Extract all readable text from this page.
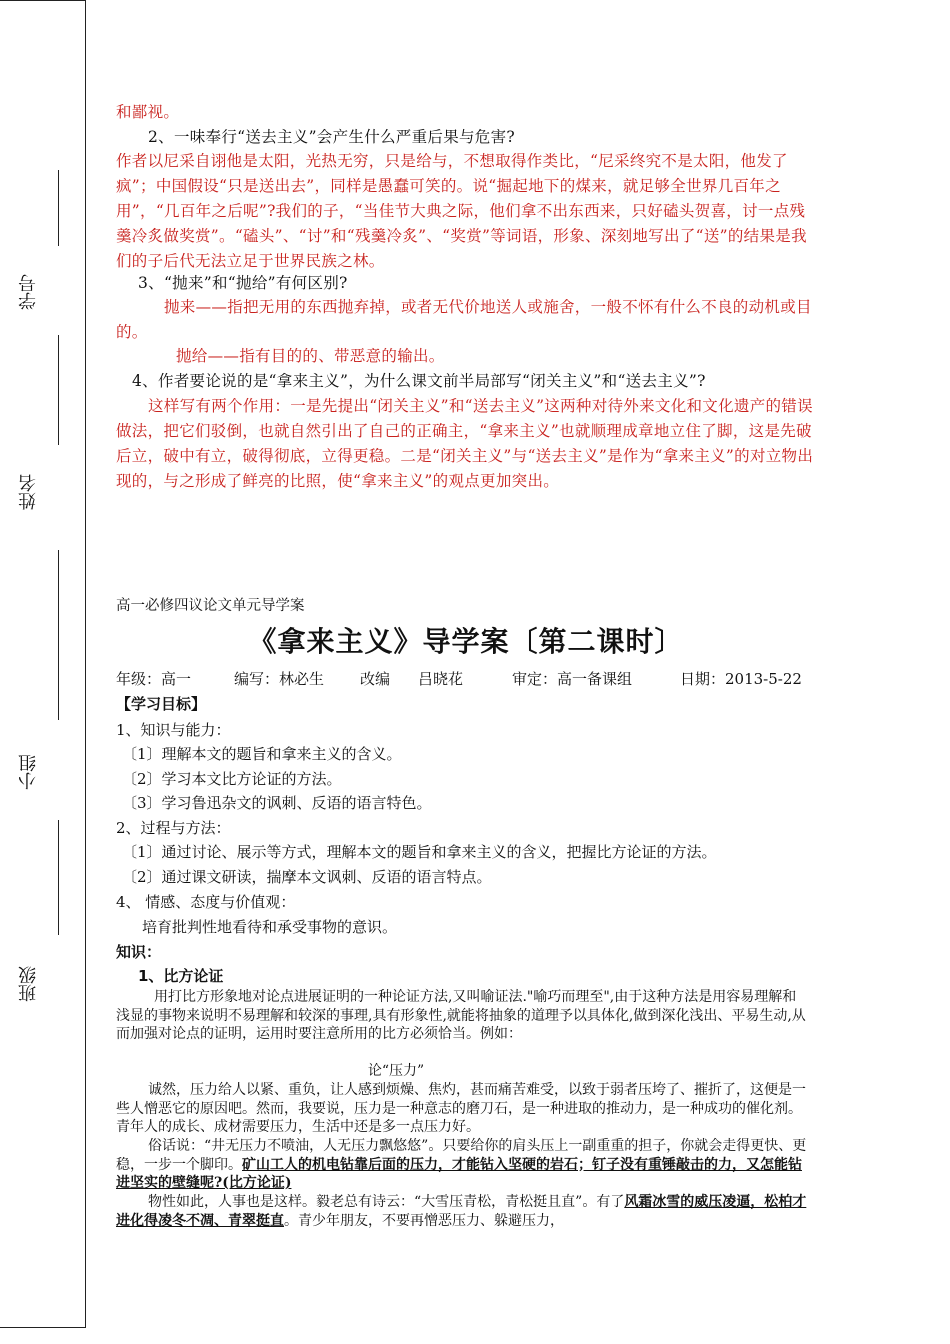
学号
姓名
小组
班级
和鄙视。
2、一味奉行“送去主义”会产生什么严重后果与危害?
作者以尼采自诩他是太阳，光热无穷，只是给与，不想取得作类比，“尼采终究不是太阳，他发了疯”；中国假设“只是送出去”，同样是愚蠢可笑的。说“掘起地下的煤来，就足够全世界几百年之用”，“几百年之后呢”?我们的子，“当佳节大典之际，他们拿不出东西来，只好磕头贺喜，讨一点残羹冷炙做奖赏”。“磕头”、“讨”和“残羹冷炙”、“奖赏”等词语，形象、深刻地写出了“送”的结果是我们的子后代无法立足于世界民族之林。
3、“抛来”和“抛给”有何区别?
抛来——指把无用的东西抛弃掉，或者无代价地送人或施舍，一般不怀有什么不良的动机或目的。
抛给——指有目的的、带恶意的输出。
4、作者要论说的是“拿来主义”，为什么课文前半局部写“闭关主义”和“送去主义”?
这样写有两个作用：一是先提出“闭关主义”和“送去主义”这两种对待外来文化和文化遗产的错误做法，把它们驳倒，也就自然引出了自己的正确主，“拿来主义”也就顺理成章地立住了脚，这是先破后立，破中有立，破得彻底，立得更稳。二是“闭关主义”与“送去主义”是作为“拿来主义”的对立物出现的，与之形成了鲜亮的比照，使“拿来主义”的观点更加突出。
高一必修四议论文单元导学案
《拿来主义》导学案〔第二课时〕
年级：高一	编写：林必生 改编 吕晓花	审定：高一备课组	日期：2013-5-22
【学习目标】
1、知识与能力：
〔1〕理解本文的题旨和拿来主义的含义。
〔2〕学习本文比方论证的方法。
〔3〕学习鲁迅杂文的讽刺、反语的语言特色。
2、过程与方法：
〔1〕通过讨论、展示等方式，理解本文的题旨和拿来主义的含义，把握比方论证的方法。
〔2〕通过课文研读，揣摩本文讽刺、反语的语言特点。
4、 情感、态度与价值观：
培育批判性地看待和承受事物的意识。
知识：
1、比方论证
用打比方形象地对论点进展证明的一种论证方法,又叫喻证法."喻巧而理至",由于这种方法是用容易理解和浅显的事物来说明不易理解和较深的事理,具有形象性,就能将抽象的道理予以具体化,做到深化浅出、平易生动,从而加强对论点的证明，运用时要注意所用的比方必须恰当。例如：
论“压力”
诚然，压力给人以紧、重负，让人感到烦燥、焦灼，甚而痛苦难受，以致于弱者压垮了、摧折了，这便是一些人憎恶它的原因吧。然而，我要说，压力是一种意志的磨刀石，是一种进取的推动力，是一种成功的催化剂。青年人的成长、成材需要压力，生活中还是多一点压力好。
俗话说：“井无压力不喷油，人无压力飘悠悠”。只要给你的肩头压上一副重重的担子，你就会走得更快、更稳，一步一个脚印。矿山工人的机电钻靠后面的压力，才能钻入坚硬的岩石；钉子没有重锤敲击的力，又怎能钻进坚实的壁缝呢?(比方论证)
物性如此，人事也是这样。毅老总有诗云：“大雪压青松，青松挺且直”。有了风霜冰雪的威压凌逼，松柏才进化得凌冬不凋、青翠挺直。青少年朋友，不要再憎恶压力、躲避压力，
